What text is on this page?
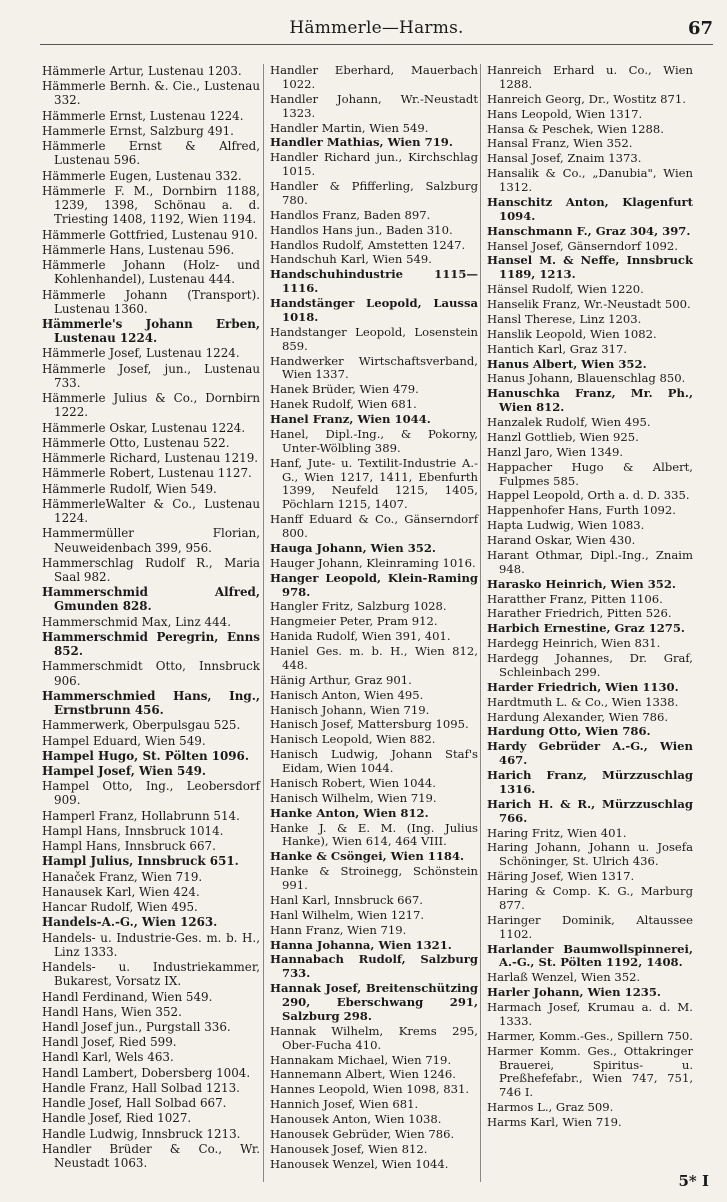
Hämmerle—Harms.	67
Hämmerle Artur, Lustenau 1203.
Hämmerle Bernh. &. Cie., Lustenau 332.
Hämmerle Ernst, Lustenau 1224.
Hammerle Ernst, Salzburg 491.
Hämmerle Ernst & Alfred, Lustenau 596.
Hämmerle Eugen, Lustenau 332.
Hämmerle F. M., Dornbirn 1188, 1239, 1398, Schönau a. d. Triesting 1408, 1192, Wien 1194.
Hämmerle Gottfried, Lustenau 910.
Hämmerle Hans, Lustenau 596.
Hämmerle Johann (Holz- und Kohlenhandel), Lustenau 444.
Hämmerle Johann (Transport). Lustenau 1360.
Hämmerle's Johann Erben, Lustenau 1224.
Hämmerle Josef, Lustenau 1224.
Hämmerle Josef, jun., Lustenau 733.
Hämmerle Julius & Co., Dornbirn 1222.
Hämmerle Oskar, Lustenau 1224.
Hämmerle Otto, Lustenau 522.
Hämmerle Richard, Lustenau 1219.
Hämmerle Robert, Lustenau 1127.
Hämmerle Rudolf, Wien 549.
HämmerleWalter & Co., Lustenau 1224.
Hammermüller Florian, Neuweidenbach 399, 956.
Hammerschlag Rudolf R., Maria Saal 982.
Hammerschmid Alfred, Gmunden 828.
Hammerschmid Max, Linz 444.
Hammerschmid Peregrin, Enns 852.
Hammerschmidt Otto, Innsbruck 906.
Hammerschmied Hans, Ing., Ernstbrunn 456.
Hammerwerk, Oberpulsgau 525.
Hampel Eduard, Wien 549.
Hampel Hugo, St. Pölten 1096.
Hampel Josef, Wien 549.
Hampel Otto, Ing., Leobersdorf 909.
Hamperl Franz, Hollabrunn 514.
Hampl Hans, Innsbruck 1014.
Hampl Hans, Innsbruck 667.
Hampl Julius, Innsbruck 651.
Hanaček Franz, Wien 719.
Hanausek Karl, Wien 424.
Hancar Rudolf, Wien 495.
Handels-A.-G., Wien 1263.
Handels- u. Industrie-Ges. m. b. H., Linz 1333.
Handels- u. Industriekammer, Bukarest, Vorsatz IX.
Handl Ferdinand, Wien 549.
Handl Hans, Wien 352.
Handl Josef jun., Purgstall 336.
Handl Josef, Ried 599.
Handl Karl, Wels 463.
Handl Lambert, Dobersberg 1004.
Handle Franz, Hall Solbad 1213.
Handle Josef, Hall Solbad 667.
Handle Josef, Ried 1027.
Handle Ludwig, Innsbruck 1213.
Handler Brüder & Co., Wr. Neustadt 1063.
Handler Eberhard, Mauerbach 1022.
Handler Johann, Wr.-Neustadt 1323.
Handler Martin, Wien 549.
Handler Mathias, Wien 719.
Handler Richard jun., Kirchschlag 1015.
Handler & Pfifferling, Salzburg 780.
Handlos Franz, Baden 897.
Handlos Hans jun., Baden 310.
Handlos Rudolf, Amstetten 1247.
Handschuh Karl, Wien 549.
Handschuhindustrie 1115—1116.
Handstänger Leopold, Laussa 1018.
Handstanger Leopold, Losenstein 859.
Handwerker Wirtschaftsverband, Wien 1337.
Hanek Brüder, Wien 479.
Hanek Rudolf, Wien 681.
Hanel Franz, Wien 1044.
Hanel, Dipl.-Ing., & Pokorny, Unter-Wölbling 389.
Hanf, Jute- u. Textilit-Industrie A.-G., Wien 1217, 1411, Ebenfurth 1399, Neufeld 1215, 1405, Pöchlarn 1215, 1407.
Hanff Eduard & Co., Gänserndorf 800.
Hauga Johann, Wien 352.
Hauger Johann, Kleinraming 1016.
Hanger Leopold, Klein-Raming 978.
Hangler Fritz, Salzburg 1028.
Hangmeier Peter, Pram 912.
Hanida Rudolf, Wien 391, 401.
Haniel Ges. m. b. H., Wien 812, 448.
Hänig Arthur, Graz 901.
Hanisch Anton, Wien 495.
Hanisch Johann, Wien 719.
Hanisch Josef, Mattersburg 1095.
Hanisch Leopold, Wien 882.
Hanisch Ludwig, Johann Staf's Eidam, Wien 1044.
Hanisch Robert, Wien 1044.
Hanisch Wilhelm, Wien 719.
Hanke Anton, Wien 812.
Hanke J. & E. M. (Ing. Julius Hanke), Wien 614, 464 VIII.
Hanke & Csöngei, Wien 1184.
Hanke & Stroinegg, Schönstein 991.
Hanl Karl, Innsbruck 667.
Hanl Wilhelm, Wien 1217.
Hann Franz, Wien 719.
Hanna Johanna, Wien 1321.
Hannabach Rudolf, Salzburg 733.
Hannak Josef, Breitenschützing 290, Eberschwang 291, Salzburg 298.
Hannak Wilhelm, Krems 295, Ober-Fucha 410.
Hannakam Michael, Wien 719.
Hannemann Albert, Wien 1246.
Hannes Leopold, Wien 1098, 831.
Hannich Josef, Wien 681.
Hanousek Anton, Wien 1038.
Hanousek Gebrüder, Wien 786.
Hanousek Josef, Wien 812.
Hanousek Wenzel, Wien 1044.
Hanreich Erhard u. Co., Wien 1288.
Hanreich Georg, Dr., Wostitz 871.
Hans Leopold, Wien 1317.
Hansa & Peschek, Wien 1288.
Hansal Franz, Wien 352.
Hansal Josef, Znaim 1373.
Hansalik & Co., „Danubia", Wien 1312.
Hanschitz Anton, Klagenfurt 1094.
Hanschmann F., Graz 304, 397.
Hansel Josef, Gänserndorf 1092.
Hansel M. & Neffe, Innsbruck 1189, 1213.
Hänsel Rudolf, Wien 1220.
Hanselik Franz, Wr.-Neustadt 500.
Hansl Therese, Linz 1203.
Hanslik Leopold, Wien 1082.
Hantich Karl, Graz 317.
Hanus Albert, Wien 352.
Hanus Johann, Blauenschlag 850.
Hanuschka Franz, Mr. Ph., Wien 812.
Hanzalek Rudolf, Wien 495.
Hanzl Gottlieb, Wien 925.
Hanzl Jaro, Wien 1349.
Happacher Hugo & Albert, Fulpmes 585.
Happel Leopold, Orth a. d. D. 335.
Happenhofer Hans, Furth 1092.
Hapta Ludwig, Wien 1083.
Harand Oskar, Wien 430.
Harant Othmar, Dipl.-Ing., Znaim 948.
Harasko Heinrich, Wien 352.
Haratther Franz, Pitten 1106.
Harather Friedrich, Pitten 526.
Harbich Ernestine, Graz 1275.
Hardegg Heinrich, Wien 831.
Hardegg Johannes, Dr. Graf, Schleinbach 299.
Harder Friedrich, Wien 1130.
Hardtmuth L. & Co., Wien 1338.
Hardung Alexander, Wien 786.
Hardung Otto, Wien 786.
Hardy Gebrüder A.-G., Wien 467.
Harich Franz, Mürzzuschlag 1316.
Harich H. & R., Mürzzuschlag 766.
Haring Fritz, Wien 401.
Haring Johann, Johann u. Josefa Schöninger, St. Ulrich 436.
Häring Josef, Wien 1317.
Haring & Comp. K. G., Marburg 877.
Haringer Dominik, Altaussee 1102.
Harlander Baumwollspinnerei, A.-G., St. Pölten 1192, 1408.
Harlaß Wenzel, Wien 352.
Harler Johann, Wien 1235.
Harmach Josef, Krumau a. d. M. 1333.
Harmer, Komm.-Ges., Spillern 750.
Harmer Komm. Ges., Ottakringer Brauerei, Spiritus- u. Preßhefefabr., Wien 747, 751, 746 I.
Harmos L., Graz 509.
Harms Karl, Wien 719.
5* I
